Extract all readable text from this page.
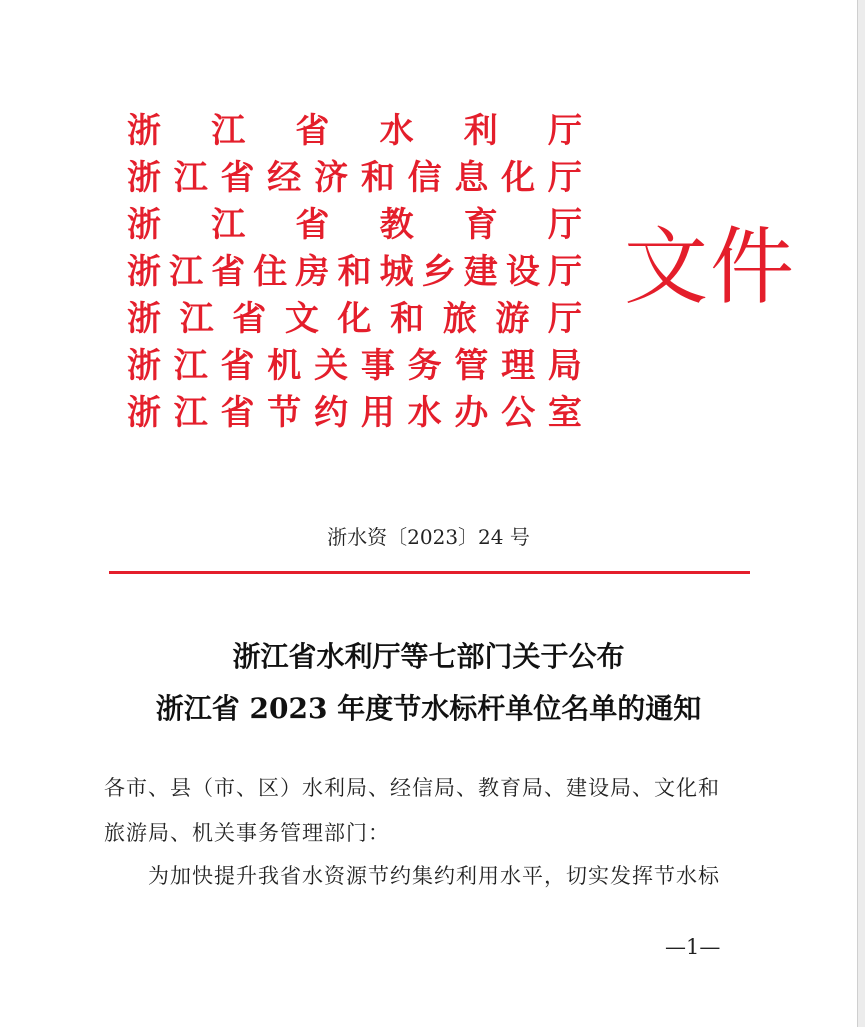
浙 江 省 水 利 厅
浙 江 省 经 济 和 信 息 化 厅
浙 江 省 教 育 厅
浙 江 省 住 房 和 城 乡 建 设 厅
浙 江 省 文 化 和 旅 游 厅
浙 江 省 机 关 事 务 管 理 局
浙 江 省 节 约 用 水 办 公 室
文件
浙水资〔2023〕24 号
浙江省水利厅等七部门关于公布
浙江省 2023 年度节水标杆单位名单的通知
各市、县（市、区）水利局、经信局、教育局、建设局、文化和
旅游局、机关事务管理部门：
为加快提升我省水资源节约集约利用水平，切实发挥节水标
—1—
